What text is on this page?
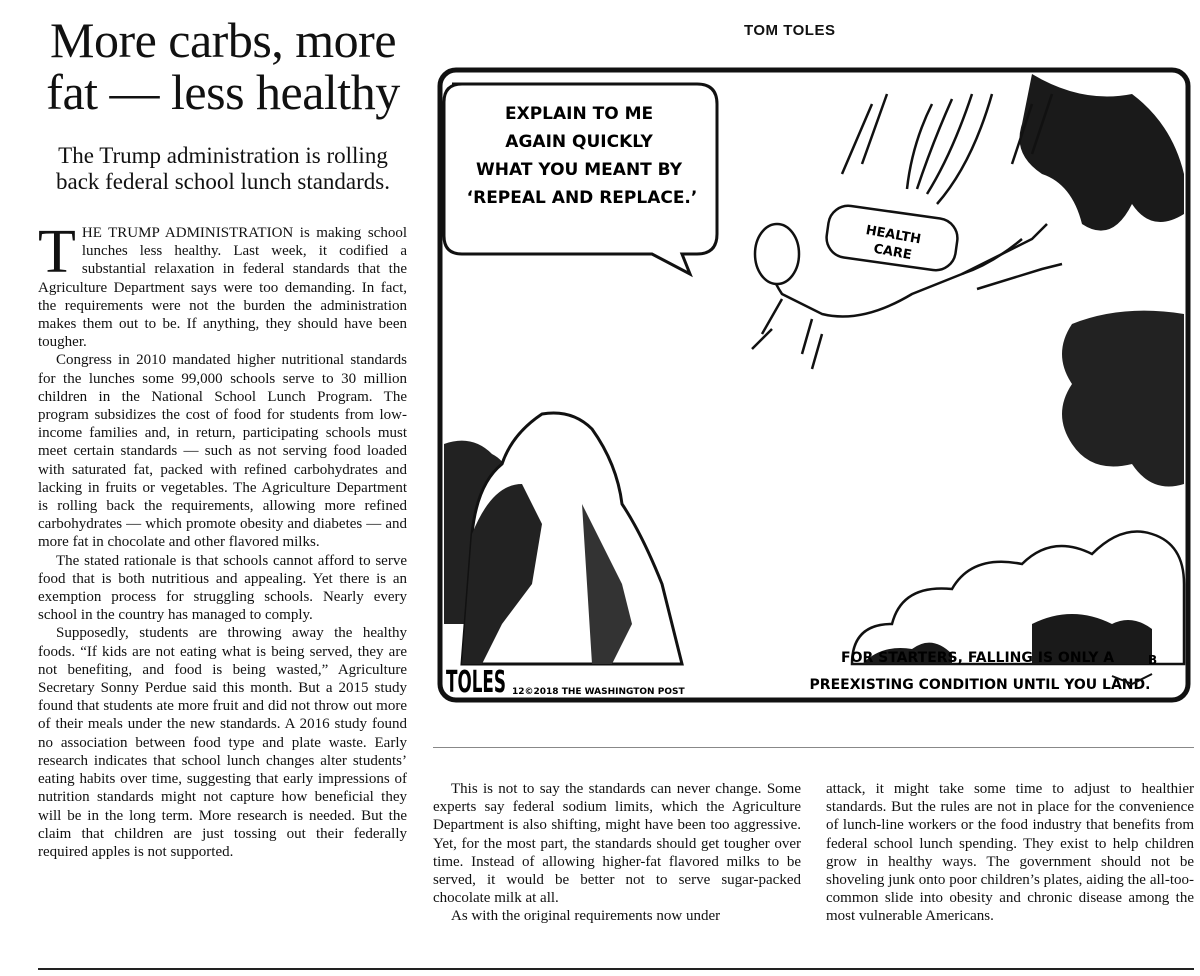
More carbs, more fat — less healthy
The Trump administration is rolling back federal school lunch standards.

THE TRUMP ADMINISTRATION is making school lunches less healthy. Last week, it codified a substantial relaxation in federal standards that the Agriculture Department says were too demanding. In fact, the requirements were not the burden the administration makes them out to be. If anything, they should have been tougher.

Congress in 2010 mandated higher nutritional standards for the lunches some 99,000 schools serve to 30 million children in the National School Lunch Program. The program subsidizes the cost of food for students from low-income families and, in return, participating schools must meet certain standards — such as not serving food loaded with saturated fat, packed with refined carbohydrates and lacking in fruits or vegetables. The Agriculture Department is rolling back the requirements, allowing more refined carbohydrates — which promote obesity and diabetes — and more fat in chocolate and other flavored milks.

The stated rationale is that schools cannot afford to serve food that is both nutritious and appealing. Yet there is an exemption process for struggling schools. Nearly every school in the country has managed to comply.

Supposedly, students are throwing away the healthy foods. “If kids are not eating what is being served, they are not benefiting, and food is being wasted,” Agriculture Secretary Sonny Perdue said this month. But a 2015 study found that students ate more fruit and did not throw out more of their meals under the new standards. A 2016 study found no association between food type and plate waste. Early research indicates that school lunch changes alter students’ eating habits over time, suggesting that early impressions of nutrition standards might not capture how beneficial they will be in the long term. More research is needed. But the claim that children are just tossing out their federally required apples is not supported.

TOM TOLES
EXPLAIN TO ME AGAIN QUICKLY WHAT YOU MEANT BY ‘REPEAL AND REPLACE.’
HEALTH CARE
TOLES 12©2018 THE WASHINGTON POST
FOR STARTERS, FALLING IS ONLY A PREEXISTING CONDITION UNTIL YOU LAND.
B

This is not to say the standards can never change. Some experts say federal sodium limits, which the Agriculture Department is also shifting, might have been too aggressive. Yet, for the most part, the standards should get tougher over time. Instead of allowing higher-fat flavored milks to be served, it would be better not to serve sugar-packed chocolate milk at all.

As with the original requirements now under

attack, it might take some time to adjust to healthier standards. But the rules are not in place for the convenience of lunch-line workers or the food industry that benefits from federal school lunch spending. They exist to help children grow in healthy ways. The government should not be shoveling junk onto poor children’s plates, aiding the all-too-common slide into obesity and chronic disease among the most vulnerable Americans.
